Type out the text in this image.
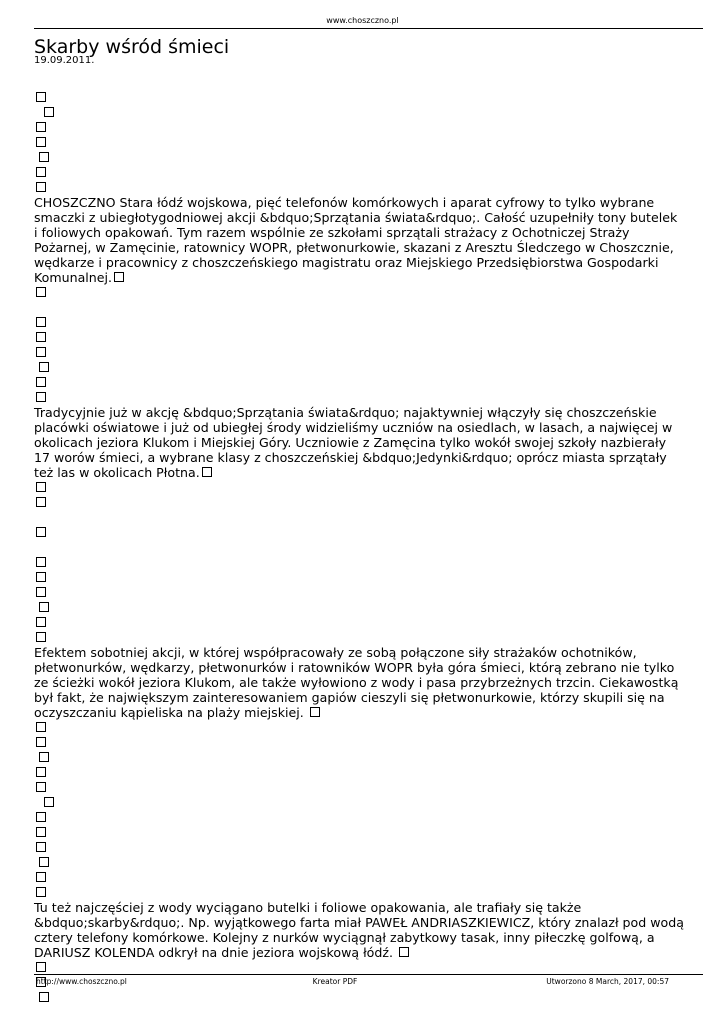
www.choszczno.pl
Skarby wśród śmieci
19.09.2011.

CHOSZCZNO Stara łódź wojskowa, pięć telefonów komórkowych i aparat cyfrowy to tylko wybrane smaczki z ubiegłotygodniowej akcji &bdquo;Sprzątania świata&rdquo;. Całość uzupełniły tony butelek i foliowych opakowań. Tym razem wspólnie ze szkołami sprzątali strażacy z Ochotniczej Straży Pożarnej, w Zamęcinie, ratownicy WOPR, płetwonurkowie, skazani z Aresztu Śledczego w Choszcznie, wędkarze i pracownicy z choszczeńskiego magistratu oraz Miejskiego Przedsiębiorstwa Gospodarki Komunalnej.

Tradycyjnie już w akcję &bdquo;Sprzątania świata&rdquo; najaktywniej włączyły się choszczeńskie placówki oświatowe i już od ubiegłej środy widzieliśmy uczniów na osiedlach, w lasach, a najwięcej w okolicach jeziora Klukom i Miejskiej Góry. Uczniowie z Zamęcina tylko wokół swojej szkoły nazbierały 17 worów śmieci, a wybrane klasy z choszczeńskiej &bdquo;Jedynki&rdquo; oprócz miasta sprzątały też las w okolicach Płotna.

Efektem sobotniej akcji, w której współpracowały ze sobą połączone siły strażaków ochotników, płetwonurków, wędkarzy, płetwonurków i ratowników WOPR była góra śmieci, którą zebrano nie tylko ze ścieżki wokół jeziora Klukom, ale także wyłowiono z wody i pasa przybrzeżnych trzcin. Ciekawostką był fakt, że największym zainteresowaniem gapiów cieszyli się płetwonurkowie, którzy skupili się na oczyszczaniu kąpieliska na plaży miejskiej.

Tu też najczęściej z wody wyciągano butelki i foliowe opakowania, ale trafiały się także &bdquo;skarby&rdquo;. Np. wyjątkowego farta miał PAWEŁ ANDRIASZKIEWICZ, który znalazł pod wodą cztery telefony komórkowe. Kolejny z nurków wyciągnął zabytkowy tasak, inny piłeczkę golfową, a DARIUSZ KOLENDA odkrył na dnie jeziora wojskową łódź.

http://www.choszczno.pl	Kreator PDF	Utworzono 8 March, 2017, 00:57
